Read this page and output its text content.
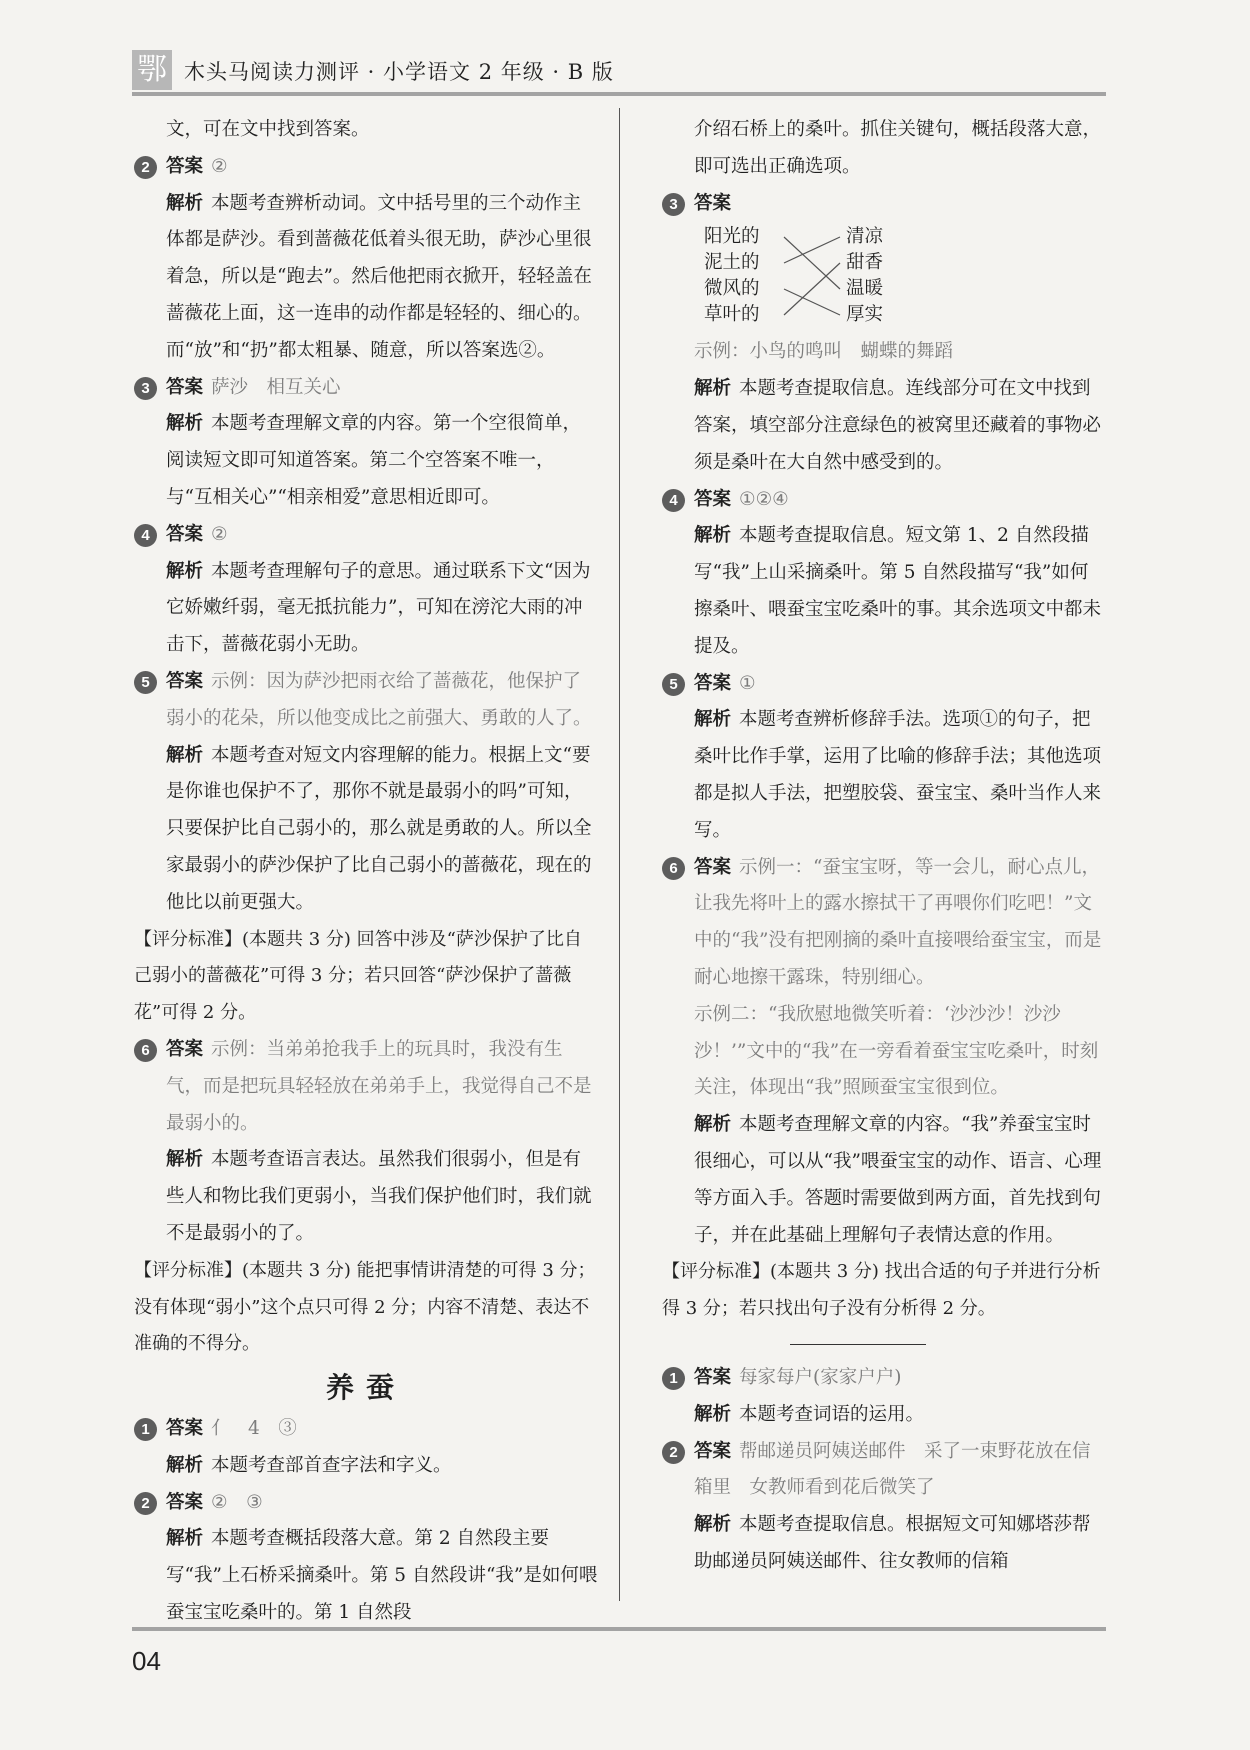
鄂 木头马阅读力测评 · 小学语文 2 年级 · B 版

文，可在文中找到答案。

2 答案 ②

解析 本题考查辨析动词。文中括号里的三个动作主体都是萨沙。看到蔷薇花低着头很无助，萨沙心里很着急，所以是“跑去”。然后他把雨衣掀开，轻轻盖在蔷薇花上面，这一连串的动作都是轻轻的、细心的。而“放”和“扔”都太粗暴、随意，所以答案选②。

3 答案 萨沙　相互关心

解析 本题考查理解文章的内容。第一个空很简单，阅读短文即可知道答案。第二个空答案不唯一，与“互相关心”“相亲相爱”意思相近即可。

4 答案 ②

解析 本题考查理解句子的意思。通过联系下文“因为它娇嫩纤弱，毫无抵抗能力”，可知在滂沱大雨的冲击下，蔷薇花弱小无助。

5 答案 示例：因为萨沙把雨衣给了蔷薇花，他保护了弱小的花朵，所以他变成比之前强大、勇敢的人了。

解析 本题考查对短文内容理解的能力。根据上文“要是你谁也保护不了，那你不就是最弱小的吗”可知，只要保护比自己弱小的，那么就是勇敢的人。所以全家最弱小的萨沙保护了比自己弱小的蔷薇花，现在的他比以前更强大。

【评分标准】(本题共 3 分) 回答中涉及“萨沙保护了比自己弱小的蔷薇花”可得 3 分；若只回答“萨沙保护了蔷薇花”可得 2 分。

6 答案 示例：当弟弟抢我手上的玩具时，我没有生气，而是把玩具轻轻放在弟弟手上，我觉得自己不是最弱小的。

解析 本题考查语言表达。虽然我们很弱小，但是有些人和物比我们更弱小，当我们保护他们时，我们就不是最弱小的了。

【评分标准】(本题共 3 分) 能把事情讲清楚的可得 3 分；没有体现“弱小”这个点只可得 2 分；内容不清楚、表达不准确的不得分。

养蚕

1 答案 亻　4　③

解析 本题考查部首查字法和字义。

2 答案 ②　③

解析 本题考查概括段落大意。第 2 自然段主要写“我”上石桥采摘桑叶。第 5 自然段讲“我”是如何喂蚕宝宝吃桑叶的。第 1 自然段

介绍石桥上的桑叶。抓住关键句，概括段落大意，即可选出正确选项。

3 答案
阳光的
泥土的
微风的
草叶的
清凉
甜香
温暖
厚实

示例：小鸟的鸣叫　蝴蝶的舞蹈

解析 本题考查提取信息。连线部分可在文中找到答案，填空部分注意绿色的被窝里还藏着的事物必须是桑叶在大自然中感受到的。

4 答案 ①②④

解析 本题考查提取信息。短文第 1、2 自然段描写“我”上山采摘桑叶。第 5 自然段描写“我”如何擦桑叶、喂蚕宝宝吃桑叶的事。其余选项文中都未提及。

5 答案 ①

解析 本题考查辨析修辞手法。选项①的句子，把桑叶比作手掌，运用了比喻的修辞手法；其他选项都是拟人手法，把塑胶袋、蚕宝宝、桑叶当作人来写。

6 答案 示例一：“蚕宝宝呀，等一会儿，耐心点儿，让我先将叶上的露水擦拭干了再喂你们吃吧！”文中的“我”没有把刚摘的桑叶直接喂给蚕宝宝，而是耐心地擦干露珠，特别细心。

示例二：“我欣慰地微笑听着：‘沙沙沙！沙沙沙！’”文中的“我”在一旁看着蚕宝宝吃桑叶，时刻关注，体现出“我”照顾蚕宝宝很到位。

解析 本题考查理解文章的内容。“我”养蚕宝宝时很细心，可以从“我”喂蚕宝宝的动作、语言、心理等方面入手。答题时需要做到两方面，首先找到句子，并在此基础上理解句子表情达意的作用。

【评分标准】(本题共 3 分) 找出合适的句子并进行分析得 3 分；若只找出句子没有分析得 2 分。

1 答案 每家每户(家家户户)

解析 本题考查词语的运用。

2 答案 帮邮递员阿姨送邮件　采了一束野花放在信箱里　女教师看到花后微笑了

解析 本题考查提取信息。根据短文可知娜塔莎帮助邮递员阿姨送邮件、往女教师的信箱

04
